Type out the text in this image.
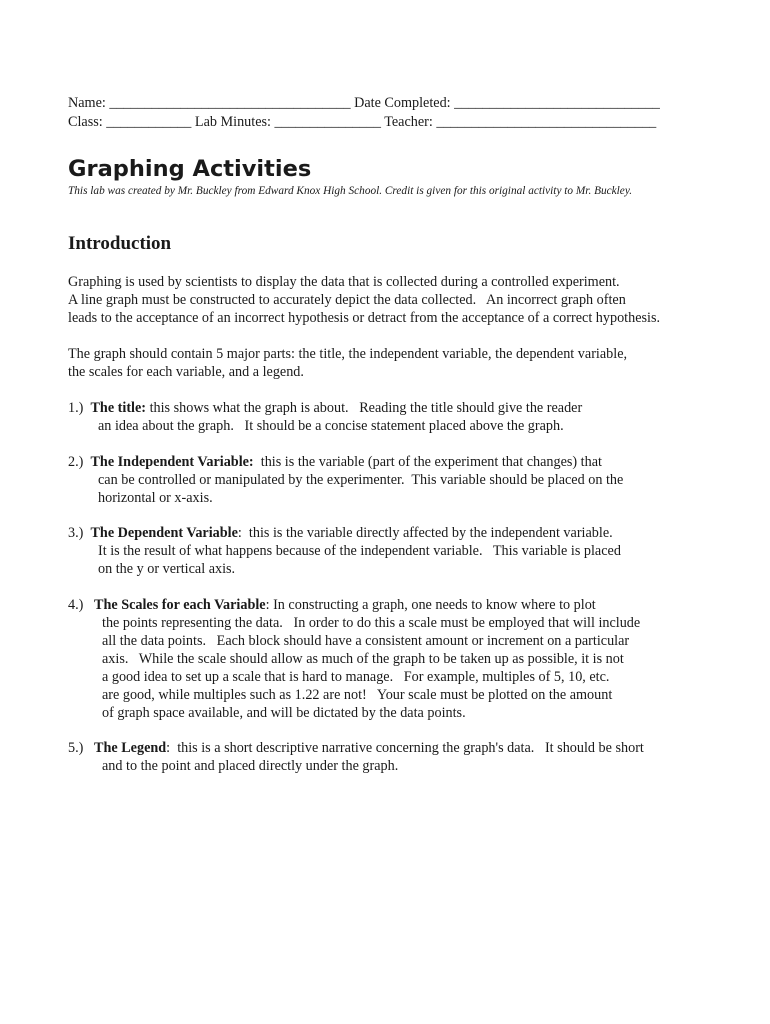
Name: __________________________________ Date Completed: _____________________________
Class: ____________ Lab Minutes: _______________ Teacher: _______________________________
Graphing Activities
This lab was created by Mr. Buckley from Edward Knox High School. Credit is given for this original activity to Mr. Buckley.
Introduction
Graphing is used by scientists to display the data that is collected during a controlled experiment.
A line graph must be constructed to accurately depict the data collected.   An incorrect graph often
leads to the acceptance of an incorrect hypothesis or detract from the acceptance of a correct hypothesis.
The graph should contain 5 major parts: the title, the independent variable, the dependent variable,
the scales for each variable, and a legend.
1.)  The title: this shows what the graph is about.   Reading the title should give the reader
an idea about the graph.   It should be a concise statement placed above the graph.
2.)  The Independent Variable:  this is the variable (part of the experiment that changes) that
can be controlled or manipulated by the experimenter.  This variable should be placed on the
horizontal or x-axis.
3.)  The Dependent Variable:  this is the variable directly affected by the independent variable.
It is the result of what happens because of the independent variable.   This variable is placed
on the y or vertical axis.
4.)   The Scales for each Variable: In constructing a graph, one needs to know where to plot
the points representing the data.   In order to do this a scale must be employed that will include
all the data points.   Each block should have a consistent amount or increment on a particular
axis.   While the scale should allow as much of the graph to be taken up as possible, it is not
a good idea to set up a scale that is hard to manage.   For example, multiples of 5, 10, etc.
are good, while multiples such as 1.22 are not!   Your scale must be plotted on the amount
of graph space available, and will be dictated by the data points.
5.)   The Legend:  this is a short descriptive narrative concerning the graph's data.   It should be short
and to the point and placed directly under the graph.
